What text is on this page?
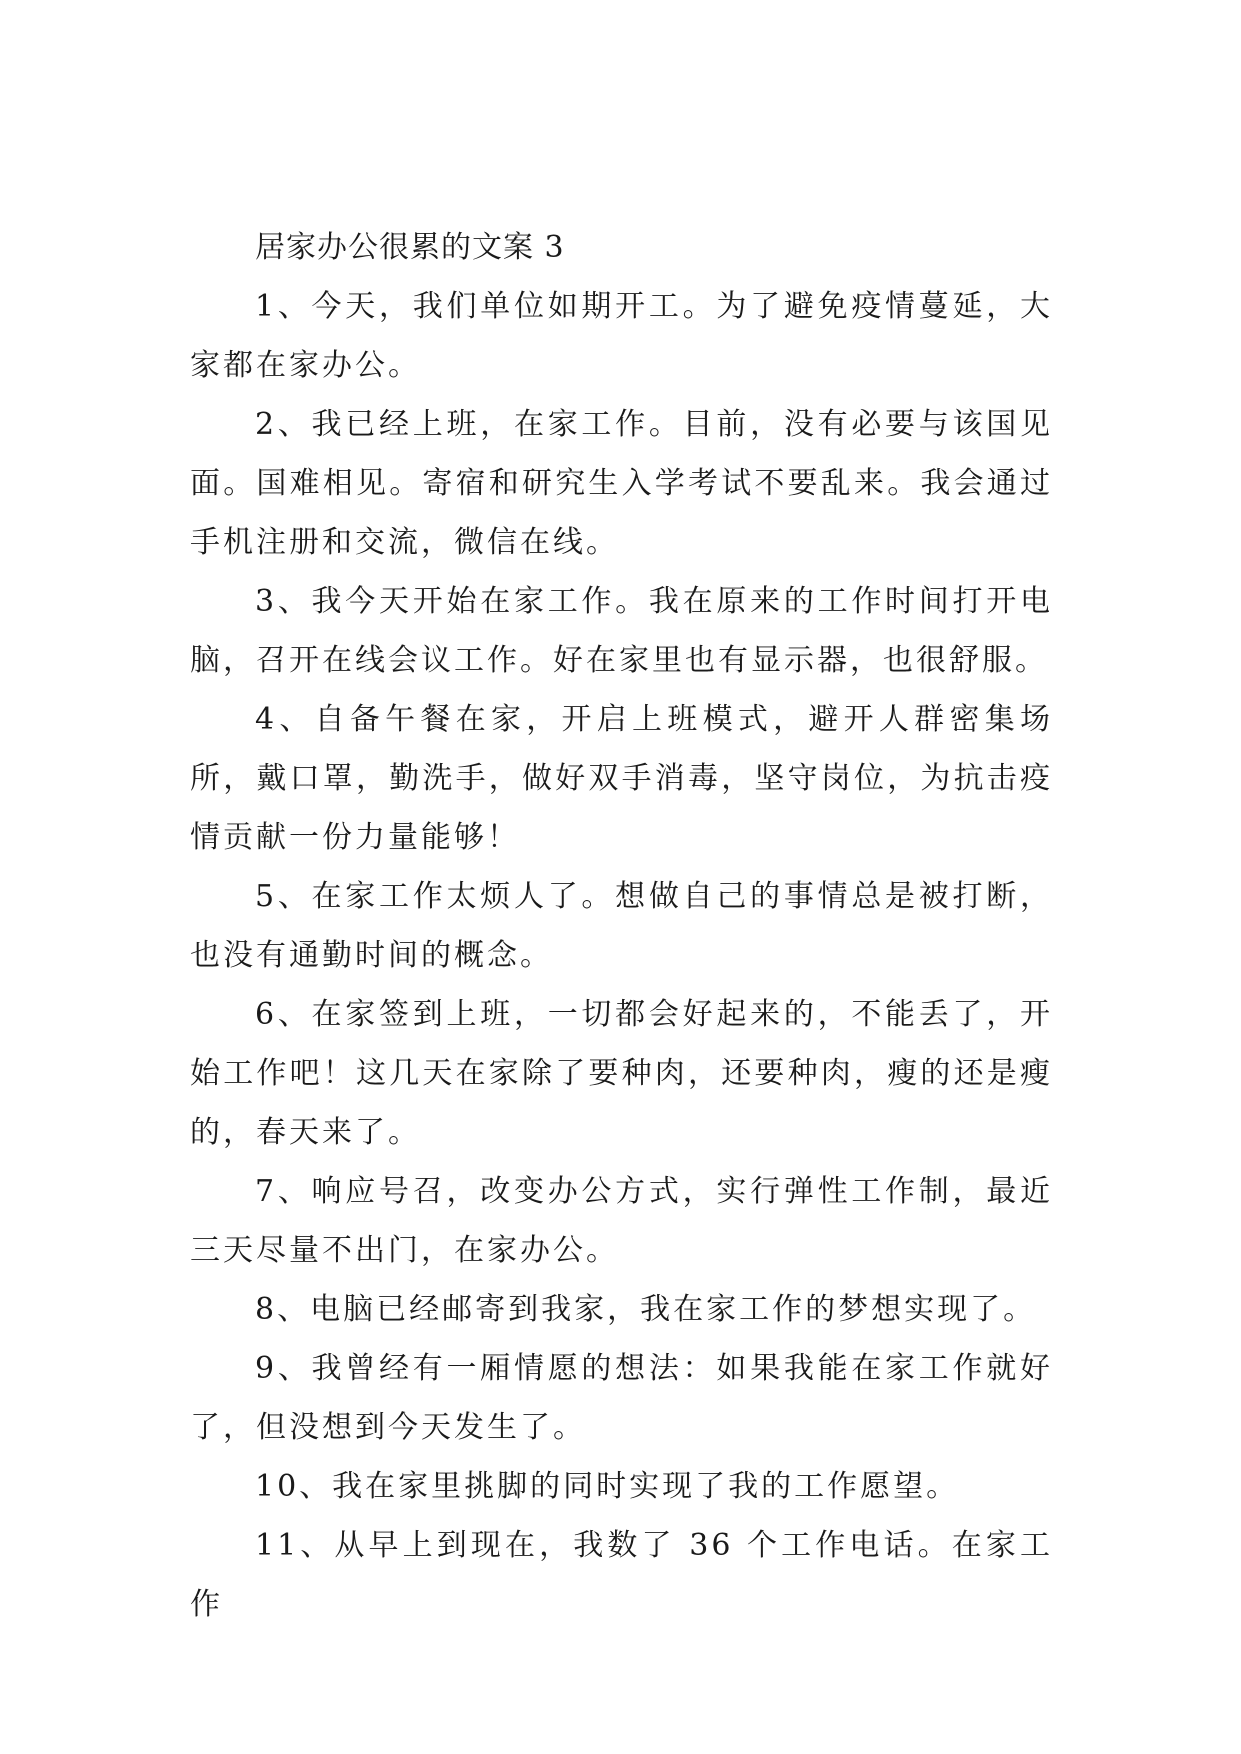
居家办公很累的文案 3

1、今天，我们单位如期开工。为了避免疫情蔓延，大家都在家办公。

2、我已经上班，在家工作。目前，没有必要与该国见面。国难相见。寄宿和研究生入学考试不要乱来。我会通过手机注册和交流，微信在线。

3、我今天开始在家工作。我在原来的工作时间打开电脑，召开在线会议工作。好在家里也有显示器，也很舒服。

4、自备午餐在家，开启上班模式，避开人群密集场所，戴口罩，勤洗手，做好双手消毒，坚守岗位，为抗击疫情贡献一份力量能够！

5、在家工作太烦人了。想做自己的事情总是被打断，也没有通勤时间的概念。

6、在家签到上班，一切都会好起来的，不能丢了，开始工作吧！这几天在家除了要种肉，还要种肉，瘦的还是瘦的，春天来了。

7、响应号召，改变办公方式，实行弹性工作制，最近三天尽量不出门，在家办公。

8、电脑已经邮寄到我家，我在家工作的梦想实现了。

9、我曾经有一厢情愿的想法：如果我能在家工作就好了，但没想到今天发生了。

10、我在家里挑脚的同时实现了我的工作愿望。

11、从早上到现在，我数了 36 个工作电话。在家工作
